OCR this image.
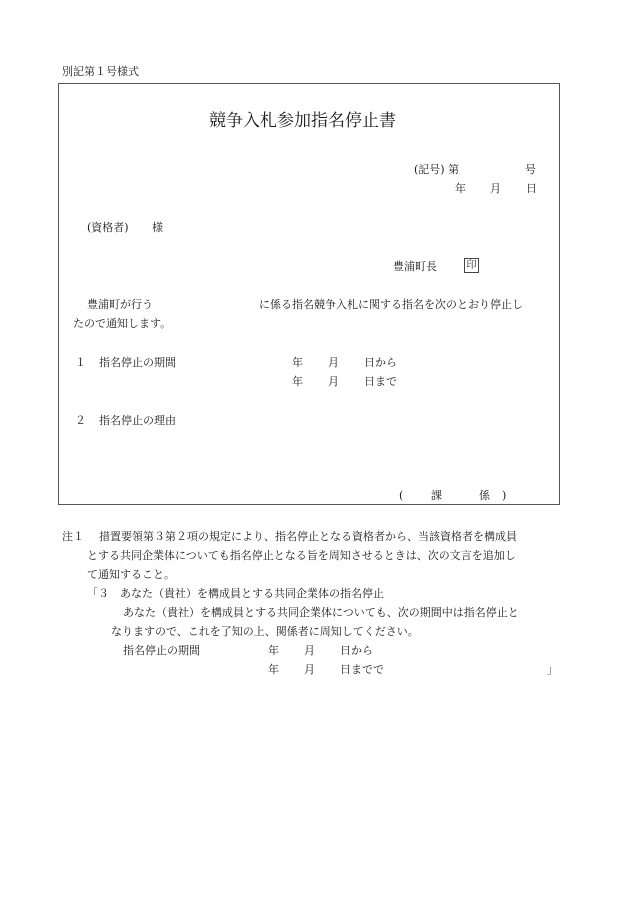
別記第１号様式
競争入札参加指名停止書
(記号) 第	号
年 月 日
(資格者) 様
豊浦町長	印
豊浦町が行う	に係る指名競争入札に関する指名を次のとおり停止し
たので通知します。
１ 指名停止の期間	年 月 日から
年 月 日まで
２ 指名停止の理由
(	課	係 )
注１ 措置要領第３第２項の規定により、指名停止となる資格者から、当該資格者を構成員
とする共同企業体についても指名停止となる旨を周知させるときは、次の文言を追加し
て通知すること。
「３　あなた（貴社）を構成員とする共同企業体の指名停止
あなた（貴社）を構成員とする共同企業体についても、次の期間中は指名停止と
なりますので、これを了知の上、関係者に周知してください。
指名停止の期間	年 月 日から
年 月 日までで	」
